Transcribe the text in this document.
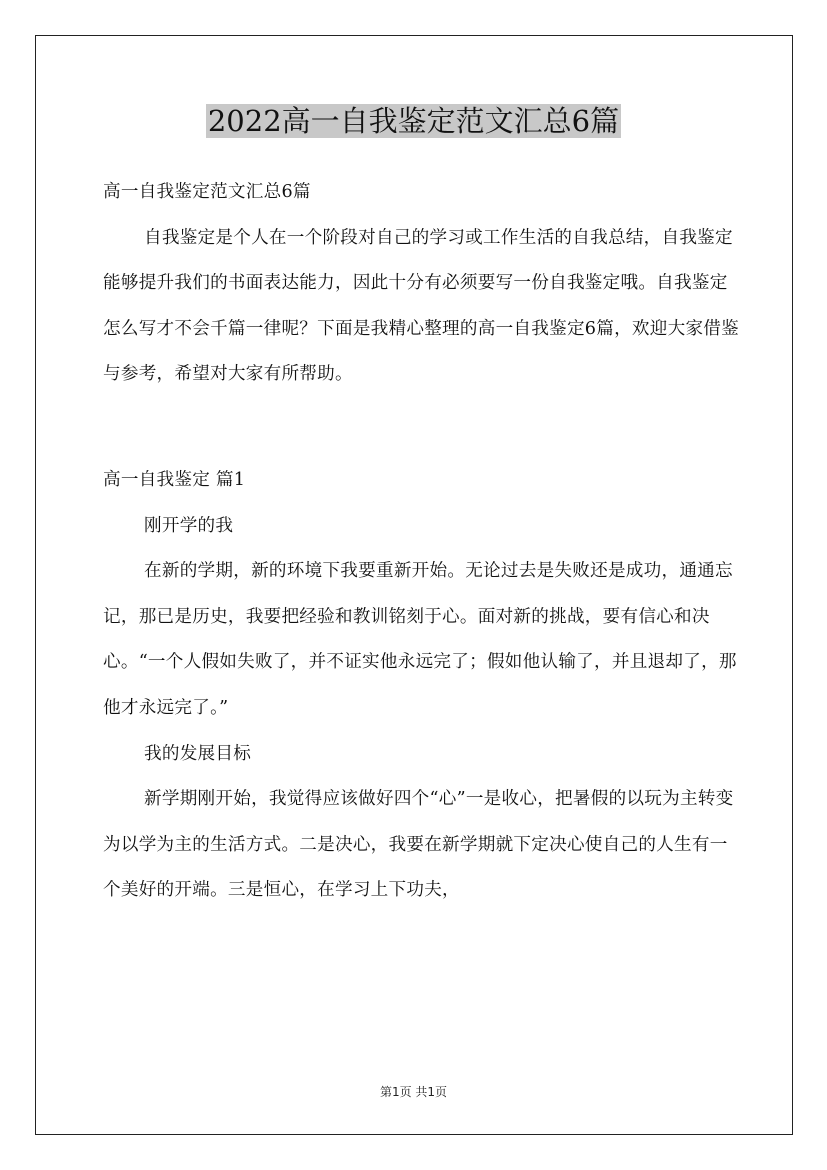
2022高一自我鉴定范文汇总6篇

高一自我鉴定范文汇总6篇

自我鉴定是个人在一个阶段对自己的学习或工作生活的自我总结，自我鉴定能够提升我们的书面表达能力，因此十分有必须要写一份自我鉴定哦。自我鉴定怎么写才不会千篇一律呢？下面是我精心整理的高一自我鉴定6篇，欢迎大家借鉴与参考，希望对大家有所帮助。

高一自我鉴定 篇1

刚开学的我

在新的学期，新的环境下我要重新开始。无论过去是失败还是成功，通通忘记，那已是历史，我要把经验和教训铭刻于心。面对新的挑战，要有信心和决心。“一个人假如失败了，并不证实他永远完了；假如他认输了，并且退却了，那他才永远完了。”

我的发展目标

新学期刚开始，我觉得应该做好四个“心”一是收心，把暑假的以玩为主转变为以学为主的生活方式。二是决心，我要在新学期就下定决心使自己的人生有一个美好的开端。三是恒心，在学习上下功夫，

第1页 共1页
